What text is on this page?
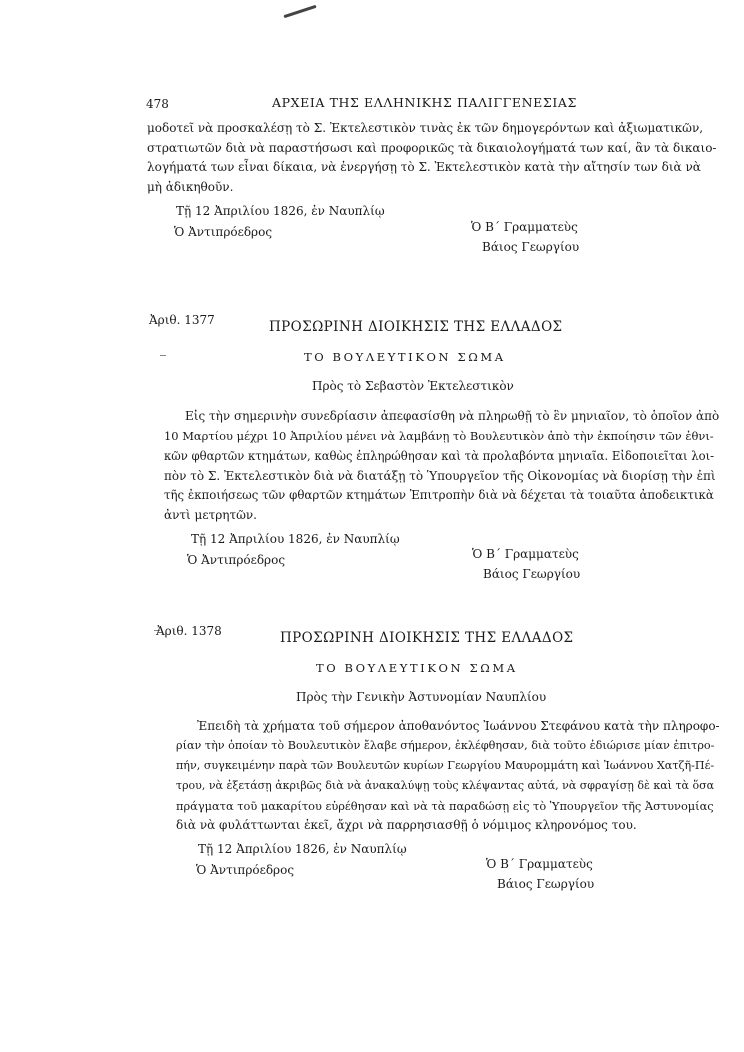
478	ΑΡΧΕΙΑ ΤΗΣ ΕΛΛΗΝΙΚΗΣ ΠΑΛΙΓΓΕΝΕΣΙΑΣ
μοδοτεῖ νὰ προσκαλέσῃ τὸ Σ. Ἐκτελεστικὸν τινὰς ἐκ τῶν δημογερόντων καὶ ἀξιωματικῶν,
στρατιωτῶν διὰ νὰ παραστήσωσι καὶ προφορικῶς τὰ δικαιολογήματά των καί, ἂν τὰ δικαιο-
λογήματά των εἶναι δίκαια, νὰ ἐνεργήσῃ τὸ Σ. Ἐκτελεστικὸν κατὰ τὴν αἴτησίν των διὰ νὰ
μὴ ἀδικηθοῦν.
Τῇ 12 Ἀπριλίου 1826, ἐν Ναυπλίῳ
Ὁ Ἀντιπρόεδρος	Ὁ Β΄ Γραμματεὺς
Βάιος Γεωργίου
Ἀριθ. 1377	ΠΡΟΣΩΡΙΝΗ ΔΙΟΙΚΗΣΙΣ ΤΗΣ ΕΛΛΑΔΟΣ
ΤΟ ΒΟΥΛΕΥΤΙΚΟΝ ΣΩΜΑ
Πρὸς τὸ Σεβαστὸν Ἐκτελεστικὸν
Εἰς τὴν σημερινὴν συνεδρίασιν ἀπεφασίσθη νὰ πληρωθῇ τὸ ἓν μηνιαῖον, τὸ ὁποῖον ἀπὸ
10 Μαρτίου μέχρι 10 Ἀπριλίου μένει νὰ λαμβάνῃ τὸ Βουλευτικὸν ἀπὸ τὴν ἐκποίησιν τῶν ἐθνι-
κῶν φθαρτῶν κτημάτων, καθὼς ἐπληρώθησαν καὶ τὰ προλαβόντα μηνιαῖα. Εἰδοποιεῖται λοι-
πὸν τὸ Σ. Ἐκτελεστικὸν διὰ νὰ διατάξῃ τὸ Ὑπουργεῖον τῆς Οἰκονομίας νὰ διορίσῃ τὴν ἐπὶ
τῆς ἐκποιήσεως τῶν φθαρτῶν κτημάτων Ἐπιτροπὴν διὰ νὰ δέχεται τὰ τοιαῦτα ἀποδεικτικὰ
ἀντὶ μετρητῶν.
Τῇ 12 Ἀπριλίου 1826, ἐν Ναυπλίῳ
Ὁ Ἀντιπρόεδρος	Ὁ Β΄ Γραμματεὺς
Βάιος Γεωργίου
Ἀριθ. 1378	ΠΡΟΣΩΡΙΝΗ ΔΙΟΙΚΗΣΙΣ ΤΗΣ ΕΛΛΑΔΟΣ
ΤΟ ΒΟΥΛΕΥΤΙΚΟΝ ΣΩΜΑ
Πρὸς τὴν Γενικὴν Ἀστυνομίαν Ναυπλίου
Ἐπειδὴ τὰ χρήματα τοῦ σήμερον ἀποθανόντος Ἰωάννου Στεφάνου κατὰ τὴν πληροφο-
ρίαν τὴν ὁποίαν τὸ Βουλευτικὸν ἔλαβε σήμερον, ἐκλέφθησαν, διὰ τοῦτο ἐδιώρισε μίαν ἐπιτρο-
πήν, συγκειμένην παρὰ τῶν Βουλευτῶν κυρίων Γεωργίου Μαυρομμάτη καὶ Ἰωάννου Χατζῆ-Πέ-
τρου, νὰ ἐξετάσῃ ἀκριβῶς διὰ νὰ ἀνακαλύψῃ τοὺς κλέψαντας αὐτά, νὰ σφραγίσῃ δὲ καὶ τὰ ὅσα
πράγματα τοῦ μακαρίτου εὑρέθησαν καὶ νὰ τὰ παραδώσῃ εἰς τὸ Ὑπουργεῖον τῆς Ἀστυνομίας
διὰ νὰ φυλάττωνται ἐκεῖ, ἄχρι νὰ παρρησιασθῇ ὁ νόμιμος κληρονόμος του.
Τῇ 12 Ἀπριλίου 1826, ἐν Ναυπλίῳ
Ὁ Ἀντιπρόεδρος	Ὁ Β΄ Γραμματεὺς
Βάιος Γεωργίου
